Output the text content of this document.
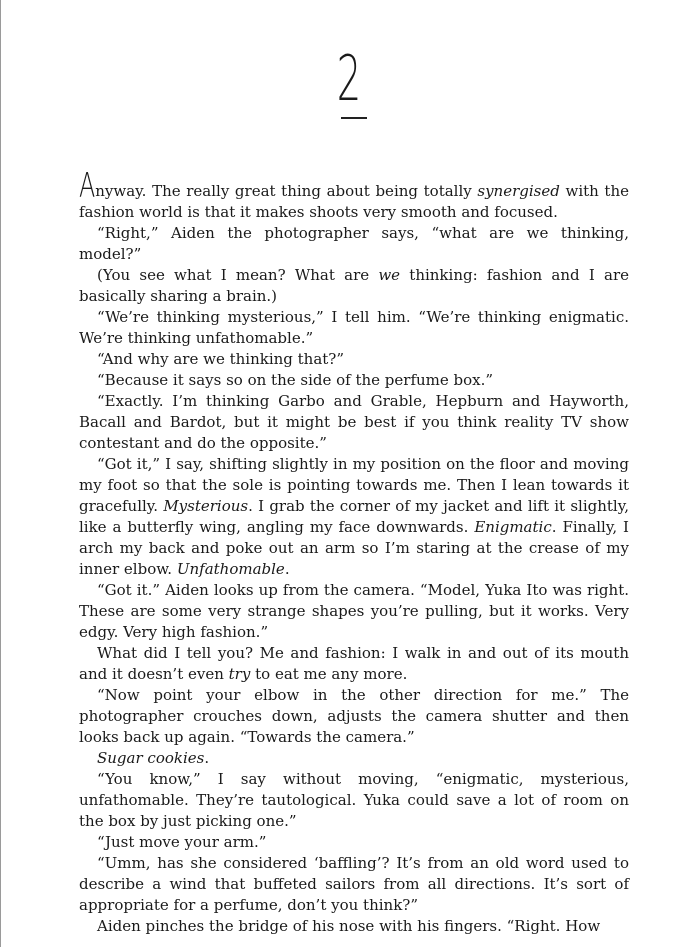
2

Anyway. The really great thing about being totally synergised with the fashion world is that it makes shoots very smooth and focused.

“Right,” Aiden the photographer says, “what are we thinking, model?”

(You see what I mean? What are we thinking: fashion and I are basically sharing a brain.)

“We’re thinking mysterious,” I tell him. “We’re thinking enigmatic. We’re thinking unfathomable.”

“And why are we thinking that?”

“Because it says so on the side of the perfume box.”

“Exactly. I’m thinking Garbo and Grable, Hepburn and Hayworth, Bacall and Bardot, but it might be best if you think reality TV show contestant and do the opposite.”

“Got it,” I say, shifting slightly in my position on the floor and moving my foot so that the sole is pointing towards me. Then I lean towards it gracefully. Mysterious. I grab the corner of my jacket and lift it slightly, like a butterfly wing, angling my face downwards. Enigmatic. Finally, I arch my back and poke out an arm so I’m staring at the crease of my inner elbow. Unfathomable.

“Got it.” Aiden looks up from the camera. “Model, Yuka Ito was right. These are some very strange shapes you’re pulling, but it works. Very edgy. Very high fashion.”

What did I tell you? Me and fashion: I walk in and out of its mouth and it doesn’t even try to eat me any more.

“Now point your elbow in the other direction for me.” The photographer crouches down, adjusts the camera shutter and then looks back up again. “Towards the camera.”

Sugar cookies.

“You know,” I say without moving, “enigmatic, mysterious, unfathomable. They’re tautological. Yuka could save a lot of room on the box by just picking one.”

“Just move your arm.”

“Umm, has she considered ‘baffling’? It’s from an old word used to describe a wind that buffeted sailors from all directions. It’s sort of appropriate for a perfume, don’t you think?”

Aiden pinches the bridge of his nose with his fingers. “Right. How
